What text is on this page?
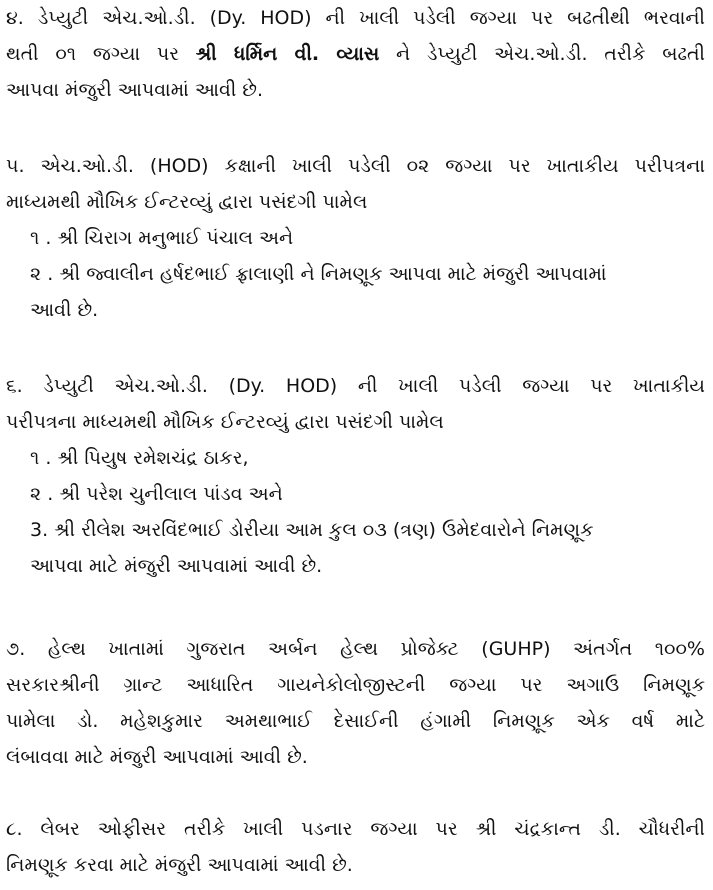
૪. ડેપ્યુટી એચ.ઓ.ડી. (Dy. HOD) ની ખાલી પડેલી જગ્યા પર બઢતીથી ભરવાની
થતી ૦૧ જગ્યા પર શ્રી ધર્મિન વી. વ્યાસ ને ડેપ્યુટી એચ.ઓ.ડી. તરીકે બઢતી
આપવા મંજુરી આપવામાં આવી છે.
૫. એચ.ઓ.ડી. (HOD) કક્ષાની ખાલી પડેલી ૦૨ જગ્યા પર ખાતાકીય પરીપત્રના
માધ્યમથી મૌખિક ઈન્ટરવ્યું દ્વારા પસંદગી પામેલ
૧ . શ્રી ચિરાગ મનુભાઈ પંચાલ અને
૨ . શ્રી જ્વાલીન હર્ષદભાઈ ફ્રાલાણી ને નિમણૂક આપવા માટે મંજુરી આપવામાં
આવી છે.
૬. ડેપ્યુટી એચ.ઓ.ડી. (Dy. HOD) ની ખાલી પડેલી જગ્યા પર ખાતાકીય
પરીપત્રના માધ્યમથી મૌખિક ઈન્ટરવ્યું દ્વારા પસંદગી પામેલ
૧ . શ્રી પિયુષ રમેશચંદ્ર ઠાકર,
૨ . શ્રી પરેશ ચુનીલાલ પાંડવ અને
3. શ્રી રીલેશ અરવિંદભાઈ ડોરીયા આમ કુલ ૦૩ (ત્રણ) ઉમેદવારોને નિમણૂક
આપવા માટે મંજુરી આપવામાં આવી છે.
૭. હેલ્થ ખાતામાં ગુજરાત અર્બન હેલ્થ પ્રોજેક્ટ (GUHP) અંતર્ગત ૧૦૦%
સરકારશ્રીની ગ્રાન્ટ આધારિત ગાયનેકોલોજીસ્ટની જગ્યા પર અગાઉ નિમણૂક
પામેલા ડો. મહેશકુમાર અમથાભાઈ દેસાઈની હંગામી નિમણૂક એક વર્ષ માટે
લંબાવવા માટે મંજુરી આપવામાં આવી છે.
૮. લેબર ઓફીસર તરીકે ખાલી પડનાર જગ્યા પર શ્રી ચંદ્રકાન્ત ડી. ચૌધરીની
નિમણૂક કરવા માટે મંજુરી આપવામાં આવી છે.
